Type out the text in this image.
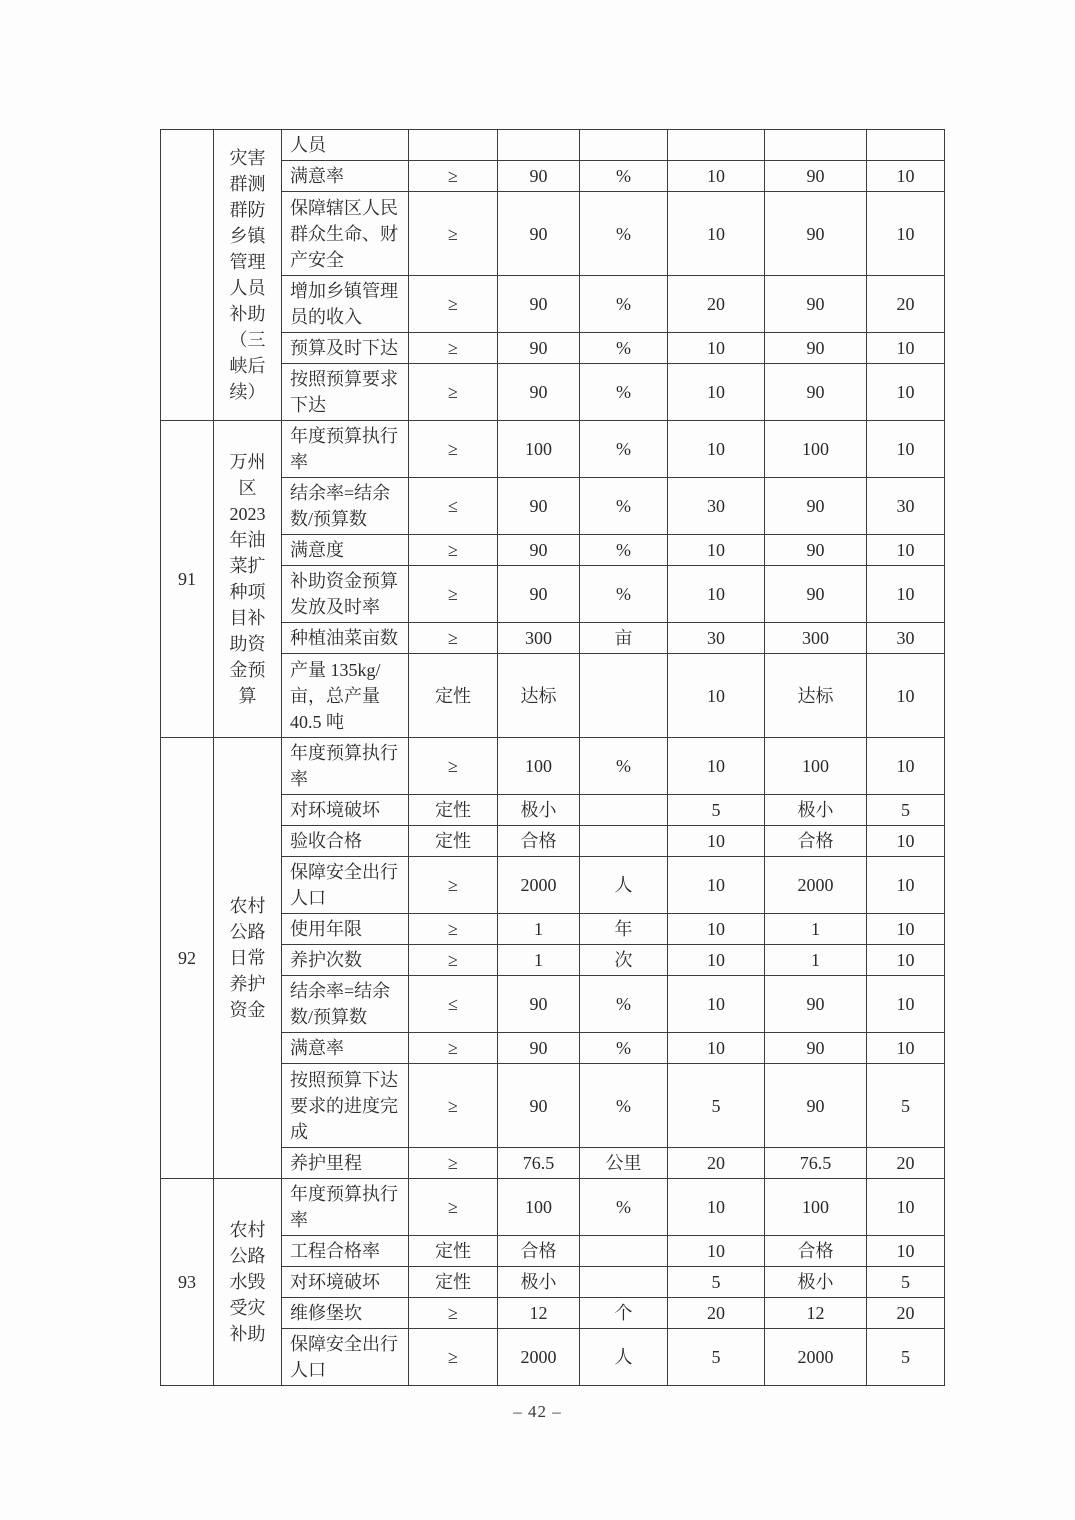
	灾害群测群防乡镇管理人员补助（三峡后续）	人员						
		满意率	≥	90	%	10	90	10
		保障辖区人民群众生命、财产安全	≥	90	%	10	90	10
		增加乡镇管理员的收入	≥	90	%	20	90	20
		预算及时下达	≥	90	%	10	90	10
		按照预算要求下达	≥	90	%	10	90	10
91	万州区2023年油菜扩种项目补助资金预算	年度预算执行率	≥	100	%	10	100	10
		结余率=结余数/预算数	≤	90	%	30	90	30
		满意度	≥	90	%	10	90	10
		补助资金预算发放及时率	≥	90	%	10	90	10
		种植油菜亩数	≥	300	亩	30	300	30
		产量 135kg/亩，总产量 40.5 吨	定性	达标		10	达标	10
92	农村公路日常养护资金	年度预算执行率	≥	100	%	10	100	10
		对环境破坏	定性	极小		5	极小	5
		验收合格	定性	合格		10	合格	10
		保障安全出行人口	≥	2000	人	10	2000	10
		使用年限	≥	1	年	10	1	10
		养护次数	≥	1	次	10	1	10
		结余率=结余数/预算数	≤	90	%	10	90	10
		满意率	≥	90	%	10	90	10
		按照预算下达要求的进度完成	≥	90	%	5	90	5
		养护里程	≥	76.5	公里	20	76.5	20
93	农村公路水毁受灾补助	年度预算执行率	≥	100	%	10	100	10
		工程合格率	定性	合格		10	合格	10
		对环境破坏	定性	极小		5	极小	5
		维修堡坎	≥	12	个	20	12	20
		保障安全出行人口	≥	2000	人	5	2000	5
– 42 –
